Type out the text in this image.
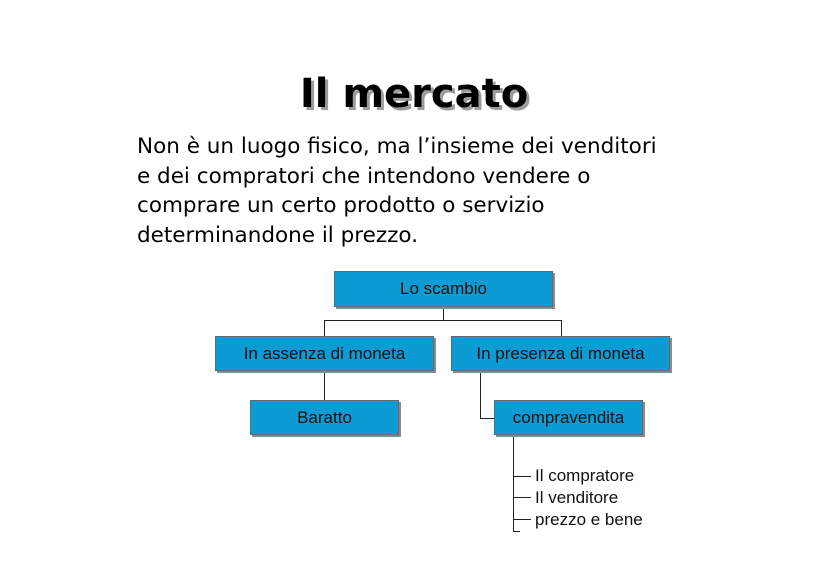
Il mercato
Non è un luogo fisico, ma l’insieme dei venditori
e dei compratori che intendono vendere o
comprare un certo prodotto o servizio
determinandone il prezzo.
Lo scambio
In assenza di moneta	In presenza di moneta
Baratto	compravendita
Il compratore
Il venditore
prezzo e bene
